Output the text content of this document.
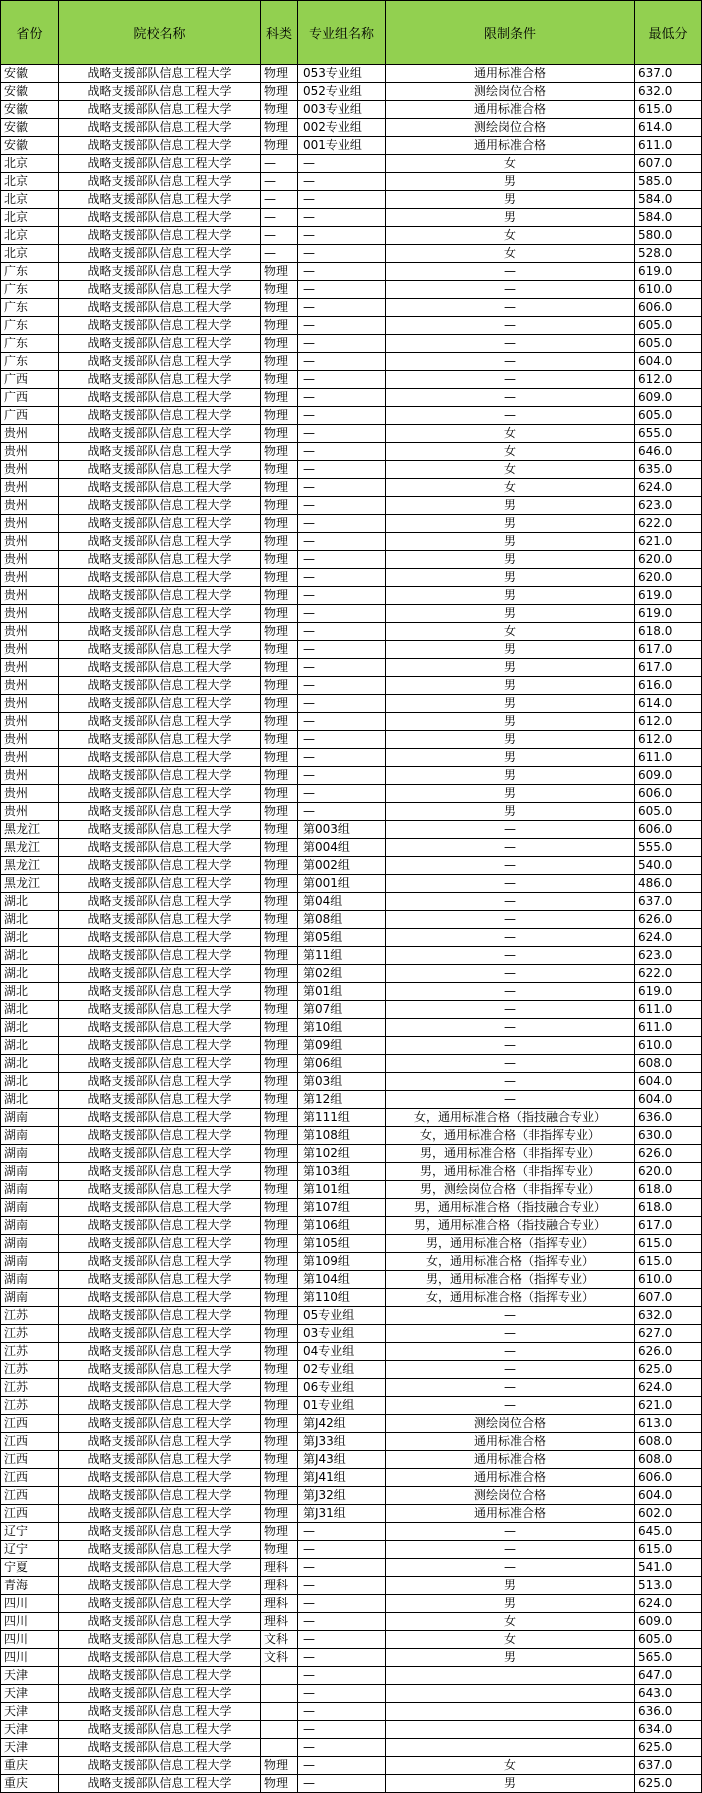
省份	院校名称	科类	专业组名称	限制条件	最低分
安徽	战略支援部队信息工程大学	物理	053专业组	通用标准合格	637.0
安徽	战略支援部队信息工程大学	物理	052专业组	测绘岗位合格	632.0
安徽	战略支援部队信息工程大学	物理	003专业组	通用标准合格	615.0
安徽	战略支援部队信息工程大学	物理	002专业组	测绘岗位合格	614.0
安徽	战略支援部队信息工程大学	物理	001专业组	通用标准合格	611.0
北京	战略支援部队信息工程大学	—	—	女	607.0
北京	战略支援部队信息工程大学	—	—	男	585.0
北京	战略支援部队信息工程大学	—	—	男	584.0
北京	战略支援部队信息工程大学	—	—	男	584.0
北京	战略支援部队信息工程大学	—	—	女	580.0
北京	战略支援部队信息工程大学	—	—	女	528.0
广东	战略支援部队信息工程大学	物理	—	—	619.0
广东	战略支援部队信息工程大学	物理	—	—	610.0
广东	战略支援部队信息工程大学	物理	—	—	606.0
广东	战略支援部队信息工程大学	物理	—	—	605.0
广东	战略支援部队信息工程大学	物理	—	—	605.0
广东	战略支援部队信息工程大学	物理	—	—	604.0
广西	战略支援部队信息工程大学	物理	—	—	612.0
广西	战略支援部队信息工程大学	物理	—	—	609.0
广西	战略支援部队信息工程大学	物理	—	—	605.0
贵州	战略支援部队信息工程大学	物理	—	女	655.0
贵州	战略支援部队信息工程大学	物理	—	女	646.0
贵州	战略支援部队信息工程大学	物理	—	女	635.0
贵州	战略支援部队信息工程大学	物理	—	女	624.0
贵州	战略支援部队信息工程大学	物理	—	男	623.0
贵州	战略支援部队信息工程大学	物理	—	男	622.0
贵州	战略支援部队信息工程大学	物理	—	男	621.0
贵州	战略支援部队信息工程大学	物理	—	男	620.0
贵州	战略支援部队信息工程大学	物理	—	男	620.0
贵州	战略支援部队信息工程大学	物理	—	男	619.0
贵州	战略支援部队信息工程大学	物理	—	男	619.0
贵州	战略支援部队信息工程大学	物理	—	女	618.0
贵州	战略支援部队信息工程大学	物理	—	男	617.0
贵州	战略支援部队信息工程大学	物理	—	男	617.0
贵州	战略支援部队信息工程大学	物理	—	男	616.0
贵州	战略支援部队信息工程大学	物理	—	男	614.0
贵州	战略支援部队信息工程大学	物理	—	男	612.0
贵州	战略支援部队信息工程大学	物理	—	男	612.0
贵州	战略支援部队信息工程大学	物理	—	男	611.0
贵州	战略支援部队信息工程大学	物理	—	男	609.0
贵州	战略支援部队信息工程大学	物理	—	男	606.0
贵州	战略支援部队信息工程大学	物理	—	男	605.0
黑龙江	战略支援部队信息工程大学	物理	第003组	—	606.0
黑龙江	战略支援部队信息工程大学	物理	第004组	—	555.0
黑龙江	战略支援部队信息工程大学	物理	第002组	—	540.0
黑龙江	战略支援部队信息工程大学	物理	第001组	—	486.0
湖北	战略支援部队信息工程大学	物理	第04组	—	637.0
湖北	战略支援部队信息工程大学	物理	第08组	—	626.0
湖北	战略支援部队信息工程大学	物理	第05组	—	624.0
湖北	战略支援部队信息工程大学	物理	第11组	—	623.0
湖北	战略支援部队信息工程大学	物理	第02组	—	622.0
湖北	战略支援部队信息工程大学	物理	第01组	—	619.0
湖北	战略支援部队信息工程大学	物理	第07组	—	611.0
湖北	战略支援部队信息工程大学	物理	第10组	—	611.0
湖北	战略支援部队信息工程大学	物理	第09组	—	610.0
湖北	战略支援部队信息工程大学	物理	第06组	—	608.0
湖北	战略支援部队信息工程大学	物理	第03组	—	604.0
湖北	战略支援部队信息工程大学	物理	第12组	—	604.0
湖南	战略支援部队信息工程大学	物理	第111组	女，通用标准合格（指技融合专业）	636.0
湖南	战略支援部队信息工程大学	物理	第108组	女，通用标准合格（非指挥专业）	630.0
湖南	战略支援部队信息工程大学	物理	第102组	男，通用标准合格（非指挥专业）	626.0
湖南	战略支援部队信息工程大学	物理	第103组	男，通用标准合格（非指挥专业）	620.0
湖南	战略支援部队信息工程大学	物理	第101组	男，测绘岗位合格（非指挥专业）	618.0
湖南	战略支援部队信息工程大学	物理	第107组	男，通用标准合格（指技融合专业）	618.0
湖南	战略支援部队信息工程大学	物理	第106组	男，通用标准合格（指技融合专业）	617.0
湖南	战略支援部队信息工程大学	物理	第105组	男，通用标准合格（指挥专业）	615.0
湖南	战略支援部队信息工程大学	物理	第109组	女，通用标准合格（指挥专业）	615.0
湖南	战略支援部队信息工程大学	物理	第104组	男，通用标准合格（指挥专业）	610.0
湖南	战略支援部队信息工程大学	物理	第110组	女，通用标准合格（指挥专业）	607.0
江苏	战略支援部队信息工程大学	物理	05专业组	—	632.0
江苏	战略支援部队信息工程大学	物理	03专业组	—	627.0
江苏	战略支援部队信息工程大学	物理	04专业组	—	626.0
江苏	战略支援部队信息工程大学	物理	02专业组	—	625.0
江苏	战略支援部队信息工程大学	物理	06专业组	—	624.0
江苏	战略支援部队信息工程大学	物理	01专业组	—	621.0
江西	战略支援部队信息工程大学	物理	第J42组	测绘岗位合格	613.0
江西	战略支援部队信息工程大学	物理	第J33组	通用标准合格	608.0
江西	战略支援部队信息工程大学	物理	第J43组	通用标准合格	608.0
江西	战略支援部队信息工程大学	物理	第J41组	通用标准合格	606.0
江西	战略支援部队信息工程大学	物理	第J32组	测绘岗位合格	604.0
江西	战略支援部队信息工程大学	物理	第J31组	通用标准合格	602.0
辽宁	战略支援部队信息工程大学	物理	—	—	645.0
辽宁	战略支援部队信息工程大学	物理	—	—	615.0
宁夏	战略支援部队信息工程大学	理科	—	—	541.0
青海	战略支援部队信息工程大学	理科	—	男	513.0
四川	战略支援部队信息工程大学	理科	—	男	624.0
四川	战略支援部队信息工程大学	理科	—	女	609.0
四川	战略支援部队信息工程大学	文科	—	女	605.0
四川	战略支援部队信息工程大学	文科	—	男	565.0
天津	战略支援部队信息工程大学		—		647.0
天津	战略支援部队信息工程大学		—		643.0
天津	战略支援部队信息工程大学		—		636.0
天津	战略支援部队信息工程大学		—		634.0
天津	战略支援部队信息工程大学		—		625.0
重庆	战略支援部队信息工程大学	物理	—	女	637.0
重庆	战略支援部队信息工程大学	物理	—	男	625.0
